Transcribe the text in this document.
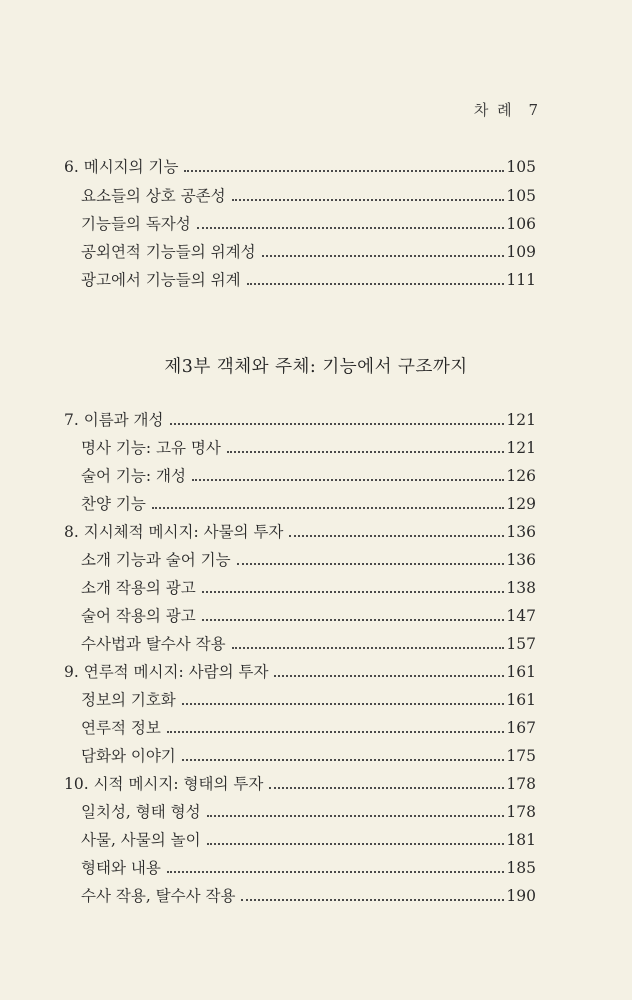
차 례 7
6. 메시지의 기능	105
요소들의 상호 공존성	105
기능들의 독자성	106
공외연적 기능들의 위계성	109
광고에서 기능들의 위계	111
제3부 객체와 주체: 기능에서 구조까지
7. 이름과 개성	121
명사 기능: 고유 명사	121
술어 기능: 개성	126
찬양 기능	129
8. 지시체적 메시지: 사물의 투자	136
소개 기능과 술어 기능	136
소개 작용의 광고	138
술어 작용의 광고	147
수사법과 탈수사 작용	157
9. 연루적 메시지: 사람의 투자	161
정보의 기호화	161
연루적 정보	167
담화와 이야기	175
10. 시적 메시지: 형태의 투자	178
일치성, 형태 형성	178
사물, 사물의 놀이	181
형태와 내용	185
수사 작용, 탈수사 작용	190
